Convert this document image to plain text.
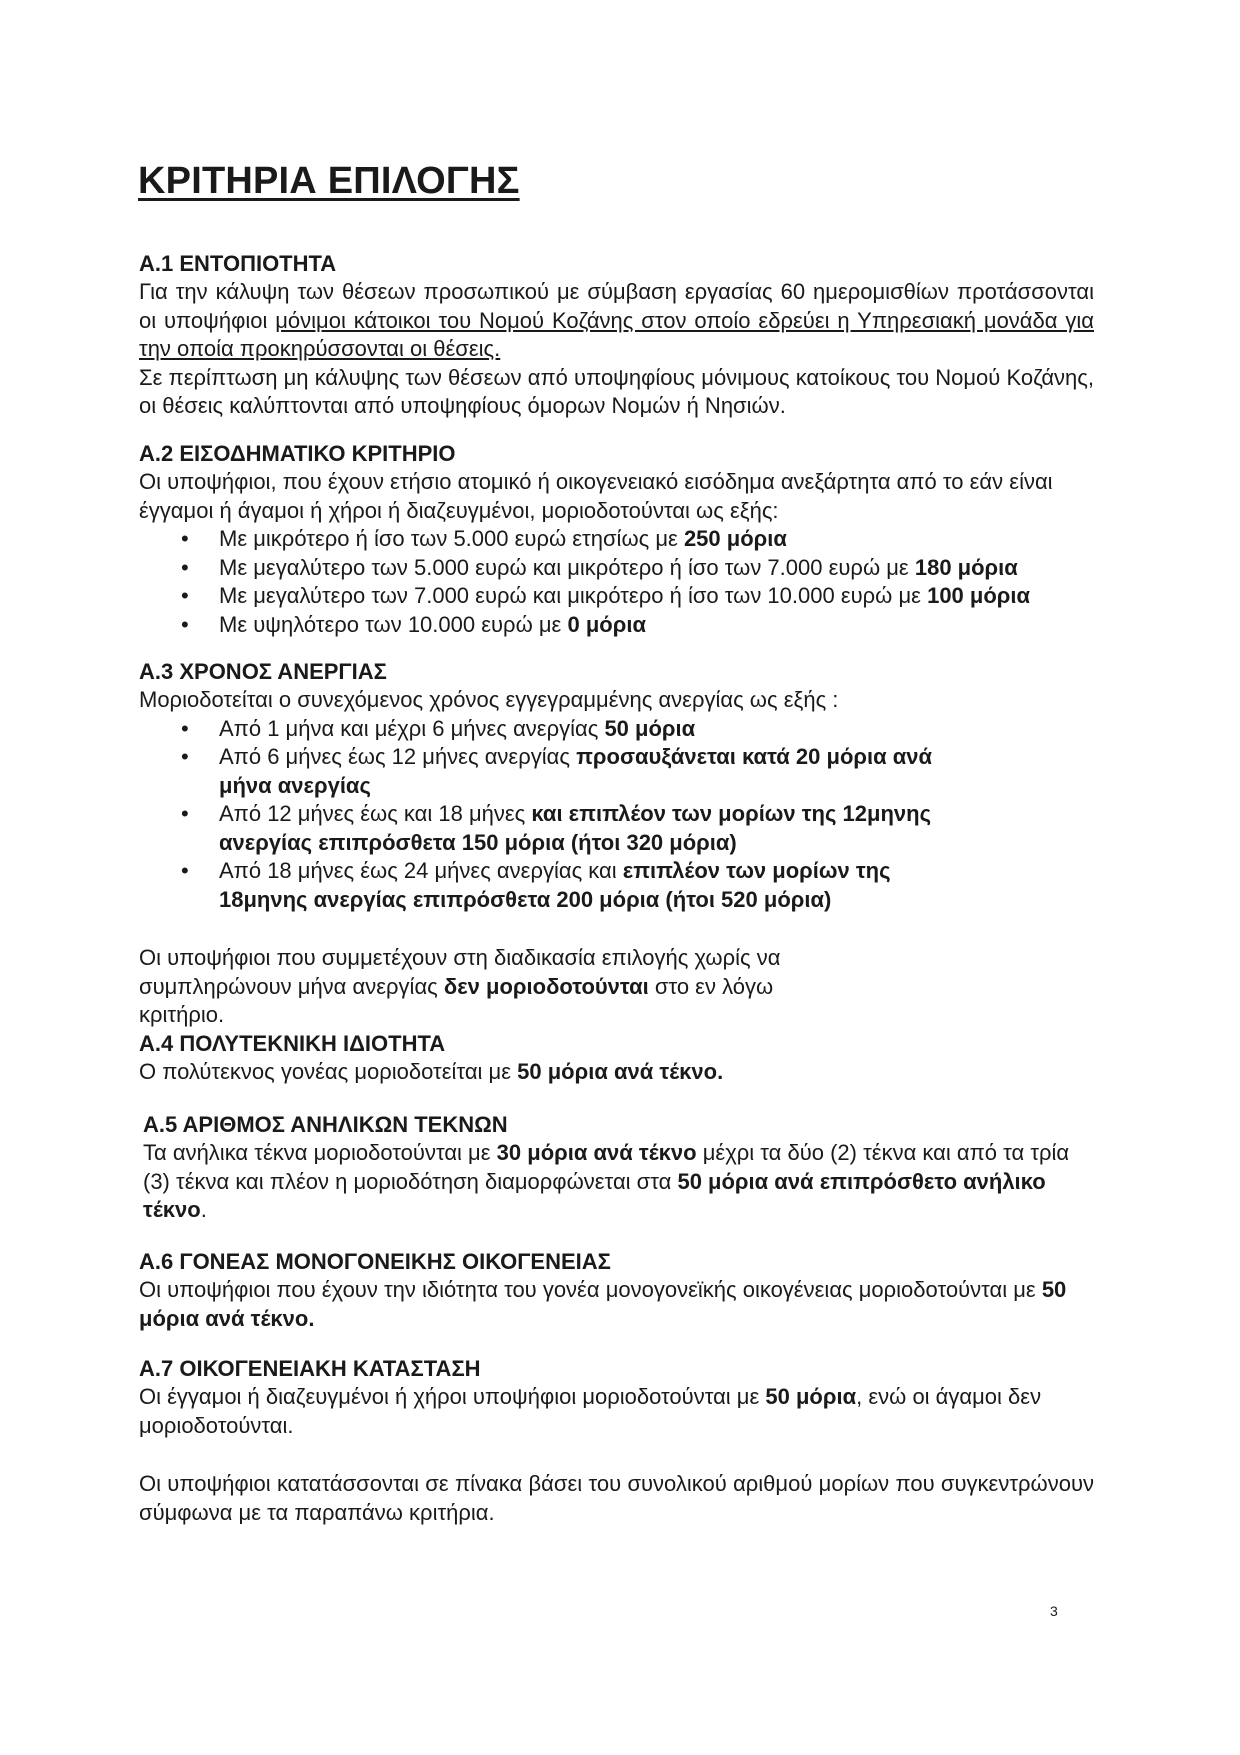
ΚΡΙΤΗΡΙΑ ΕΠΙΛΟΓΗΣ

Α.1 ΕΝΤΟΠΙΟΤΗΤΑ

Για την κάλυψη των θέσεων προσωπικού με σύμβαση εργασίας 60 ημερομισθίων προτάσσονται οι υποψήφιοι μόνιμοι κάτοικοι του Νομού Κοζάνης στον οποίο εδρεύει η Υπηρεσιακή μονάδα για την οποία προκηρύσσονται οι θέσεις.

Σε περίπτωση μη κάλυψης των θέσεων από υποψηφίους μόνιμους κατοίκους του Νομού Κοζάνης, οι θέσεις καλύπτονται από υποψηφίους όμορων Νομών ή Νησιών.

Α.2 ΕΙΣΟΔΗΜΑΤΙΚΟ ΚΡΙΤΗΡΙΟ

Οι υποψήφιοι, που έχουν ετήσιο ατομικό ή οικογενειακό εισόδημα ανεξάρτητα από το εάν είναι έγγαμοι ή άγαμοι ή χήροι ή διαζευγμένοι, μοριοδοτούνται ως εξής:

• Με μικρότερο ή ίσο των 5.000 ευρώ ετησίως με 250 μόρια
• Με μεγαλύτερο των 5.000 ευρώ και μικρότερο ή ίσο των 7.000 ευρώ με 180 μόρια
• Με μεγαλύτερο των 7.000 ευρώ και μικρότερο ή ίσο των 10.000 ευρώ με 100 μόρια
• Με υψηλότερο των 10.000 ευρώ με 0 μόρια

Α.3 ΧΡΟΝΟΣ ΑΝΕΡΓΙΑΣ

Μοριοδοτείται ο συνεχόμενος χρόνος εγγεγραμμένης ανεργίας ως εξής :

• Από 1 μήνα και μέχρι 6 μήνες ανεργίας 50 μόρια
• Από 6 μήνες έως 12 μήνες ανεργίας προσαυξάνεται κατά 20 μόρια ανά μήνα ανεργίας
• Από 12 μήνες έως και 18 μήνες και επιπλέον των μορίων της 12μηνης ανεργίας επιπρόσθετα 150 μόρια (ήτοι 320 μόρια)
• Από 18 μήνες έως 24 μήνες ανεργίας και επιπλέον των μορίων της 18μηνης ανεργίας επιπρόσθετα 200 μόρια (ήτοι 520 μόρια)

Οι υποψήφιοι που συμμετέχουν στη διαδικασία επιλογής χωρίς να συμπληρώνουν μήνα ανεργίας δεν μοριοδοτούνται στο εν λόγω κριτήριο.

Α.4 ΠΟΛΥΤΕΚΝΙΚΗ ΙΔΙΟΤΗΤΑ

Ο πολύτεκνος γονέας μοριοδοτείται με 50 μόρια ανά τέκνο.

Α.5 ΑΡΙΘΜΟΣ ΑΝΗΛΙΚΩΝ ΤΕΚΝΩΝ

Τα ανήλικα τέκνα μοριοδοτούνται με 30 μόρια ανά τέκνο μέχρι τα δύο (2) τέκνα και από τα τρία (3) τέκνα και πλέον η μοριοδότηση διαμορφώνεται στα 50 μόρια ανά επιπρόσθετο ανήλικο τέκνο.

Α.6 ΓΟΝΕΑΣ ΜΟΝΟΓΟΝΕΙΚΗΣ ΟΙΚΟΓΕΝΕΙΑΣ

Οι υποψήφιοι που έχουν την ιδιότητα του γονέα μονογονεϊκής οικογένειας μοριοδοτούνται με 50 μόρια ανά τέκνο.

Α.7 ΟΙΚΟΓΕΝΕΙΑΚΗ ΚΑΤΑΣΤΑΣΗ

Οι έγγαμοι ή διαζευγμένοι ή χήροι υποψήφιοι μοριοδοτούνται με 50 μόρια, ενώ οι άγαμοι δεν μοριοδοτούνται.

Οι υποψήφιοι κατατάσσονται σε πίνακα βάσει του συνολικού αριθμού μορίων που συγκεντρώνουν σύμφωνα με τα παραπάνω κριτήρια.

3
